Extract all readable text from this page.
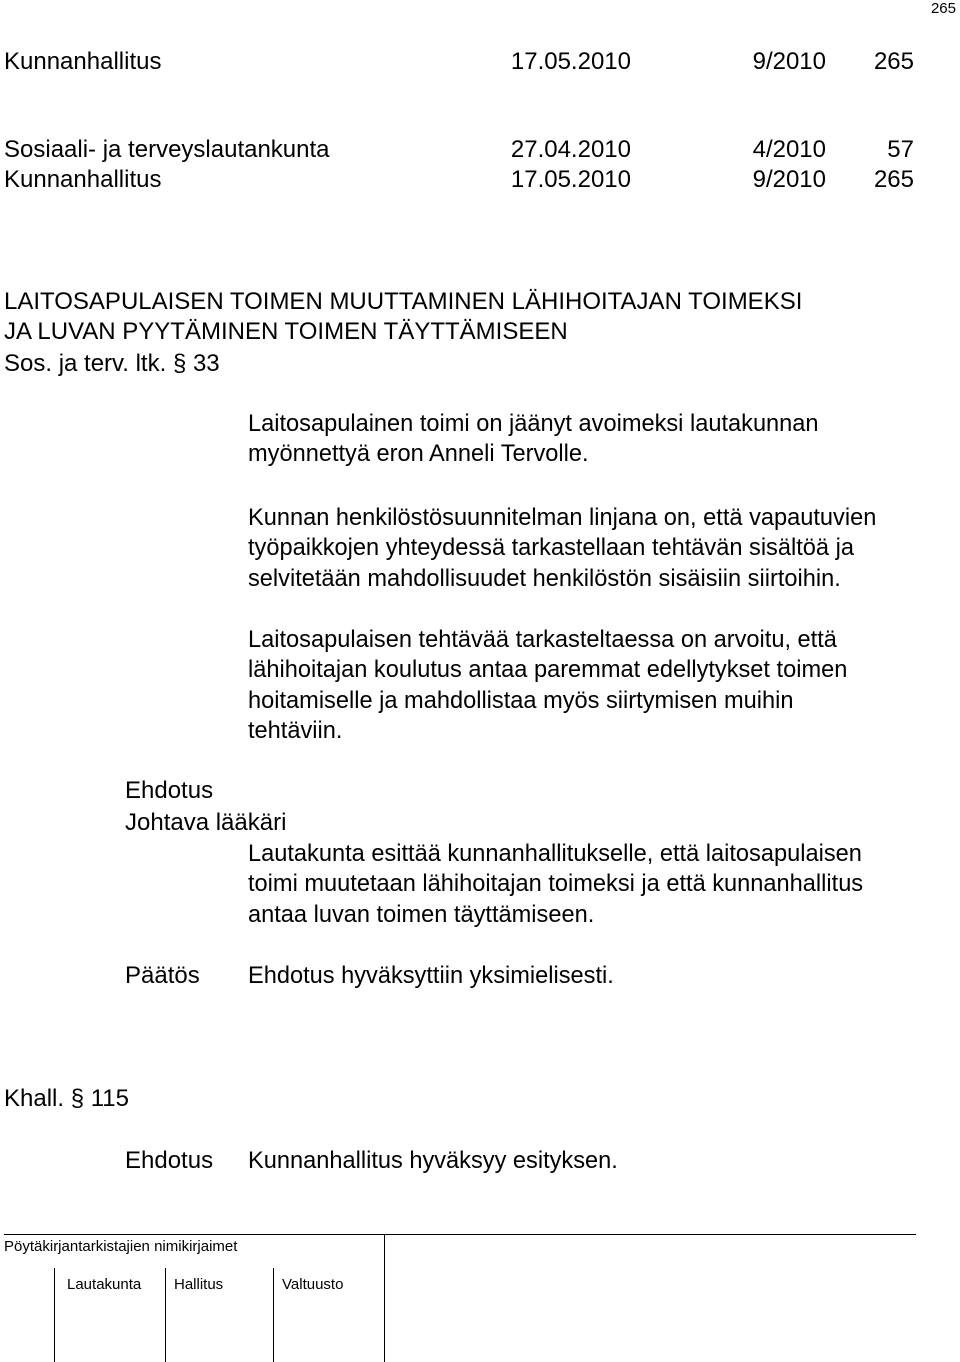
265
Kunnanhallitus	17.05.2010	9/2010 265
Sosiaali- ja terveyslautankunta	27.04.2010	4/2010	57
Kunnanhallitus	17.05.2010	9/2010 265
LAITOSAPULAISEN TOIMEN MUUTTAMINEN LÄHIHOITAJAN TOIMEKSI
JA LUVAN PYYTÄMINEN TOIMEN TÄYTTÄMISEEN
Sos. ja terv. ltk. § 33
Laitosapulainen toimi on jäänyt avoimeksi lautakunnan
myönnettyä eron Anneli Tervolle.
Kunnan henkilöstösuunnitelman linjana on, että vapautuvien
työpaikkojen yhteydessä tarkastellaan tehtävän sisältöä ja
selvitetään mahdollisuudet henkilöstön sisäisiin siirtoihin.
Laitosapulaisen tehtävää tarkasteltaessa on arvoitu, että
lähihoitajan koulutus antaa paremmat edellytykset toimen
hoitamiselle ja mahdollistaa myös siirtymisen muihin
tehtäviin.
Ehdotus
Johtava lääkäri
Lautakunta esittää kunnanhallitukselle, että laitosapulaisen
toimi muutetaan lähihoitajan toimeksi ja että kunnanhallitus
antaa luvan toimen täyttämiseen.
Päätös Ehdotus hyväksyttiin yksimielisesti.
Khall. § 115
Ehdotus Kunnanhallitus hyväksyy esityksen.
Pöytäkirjantarkistajien nimikirjaimet
Lautakunta Hallitus	Valtuusto
